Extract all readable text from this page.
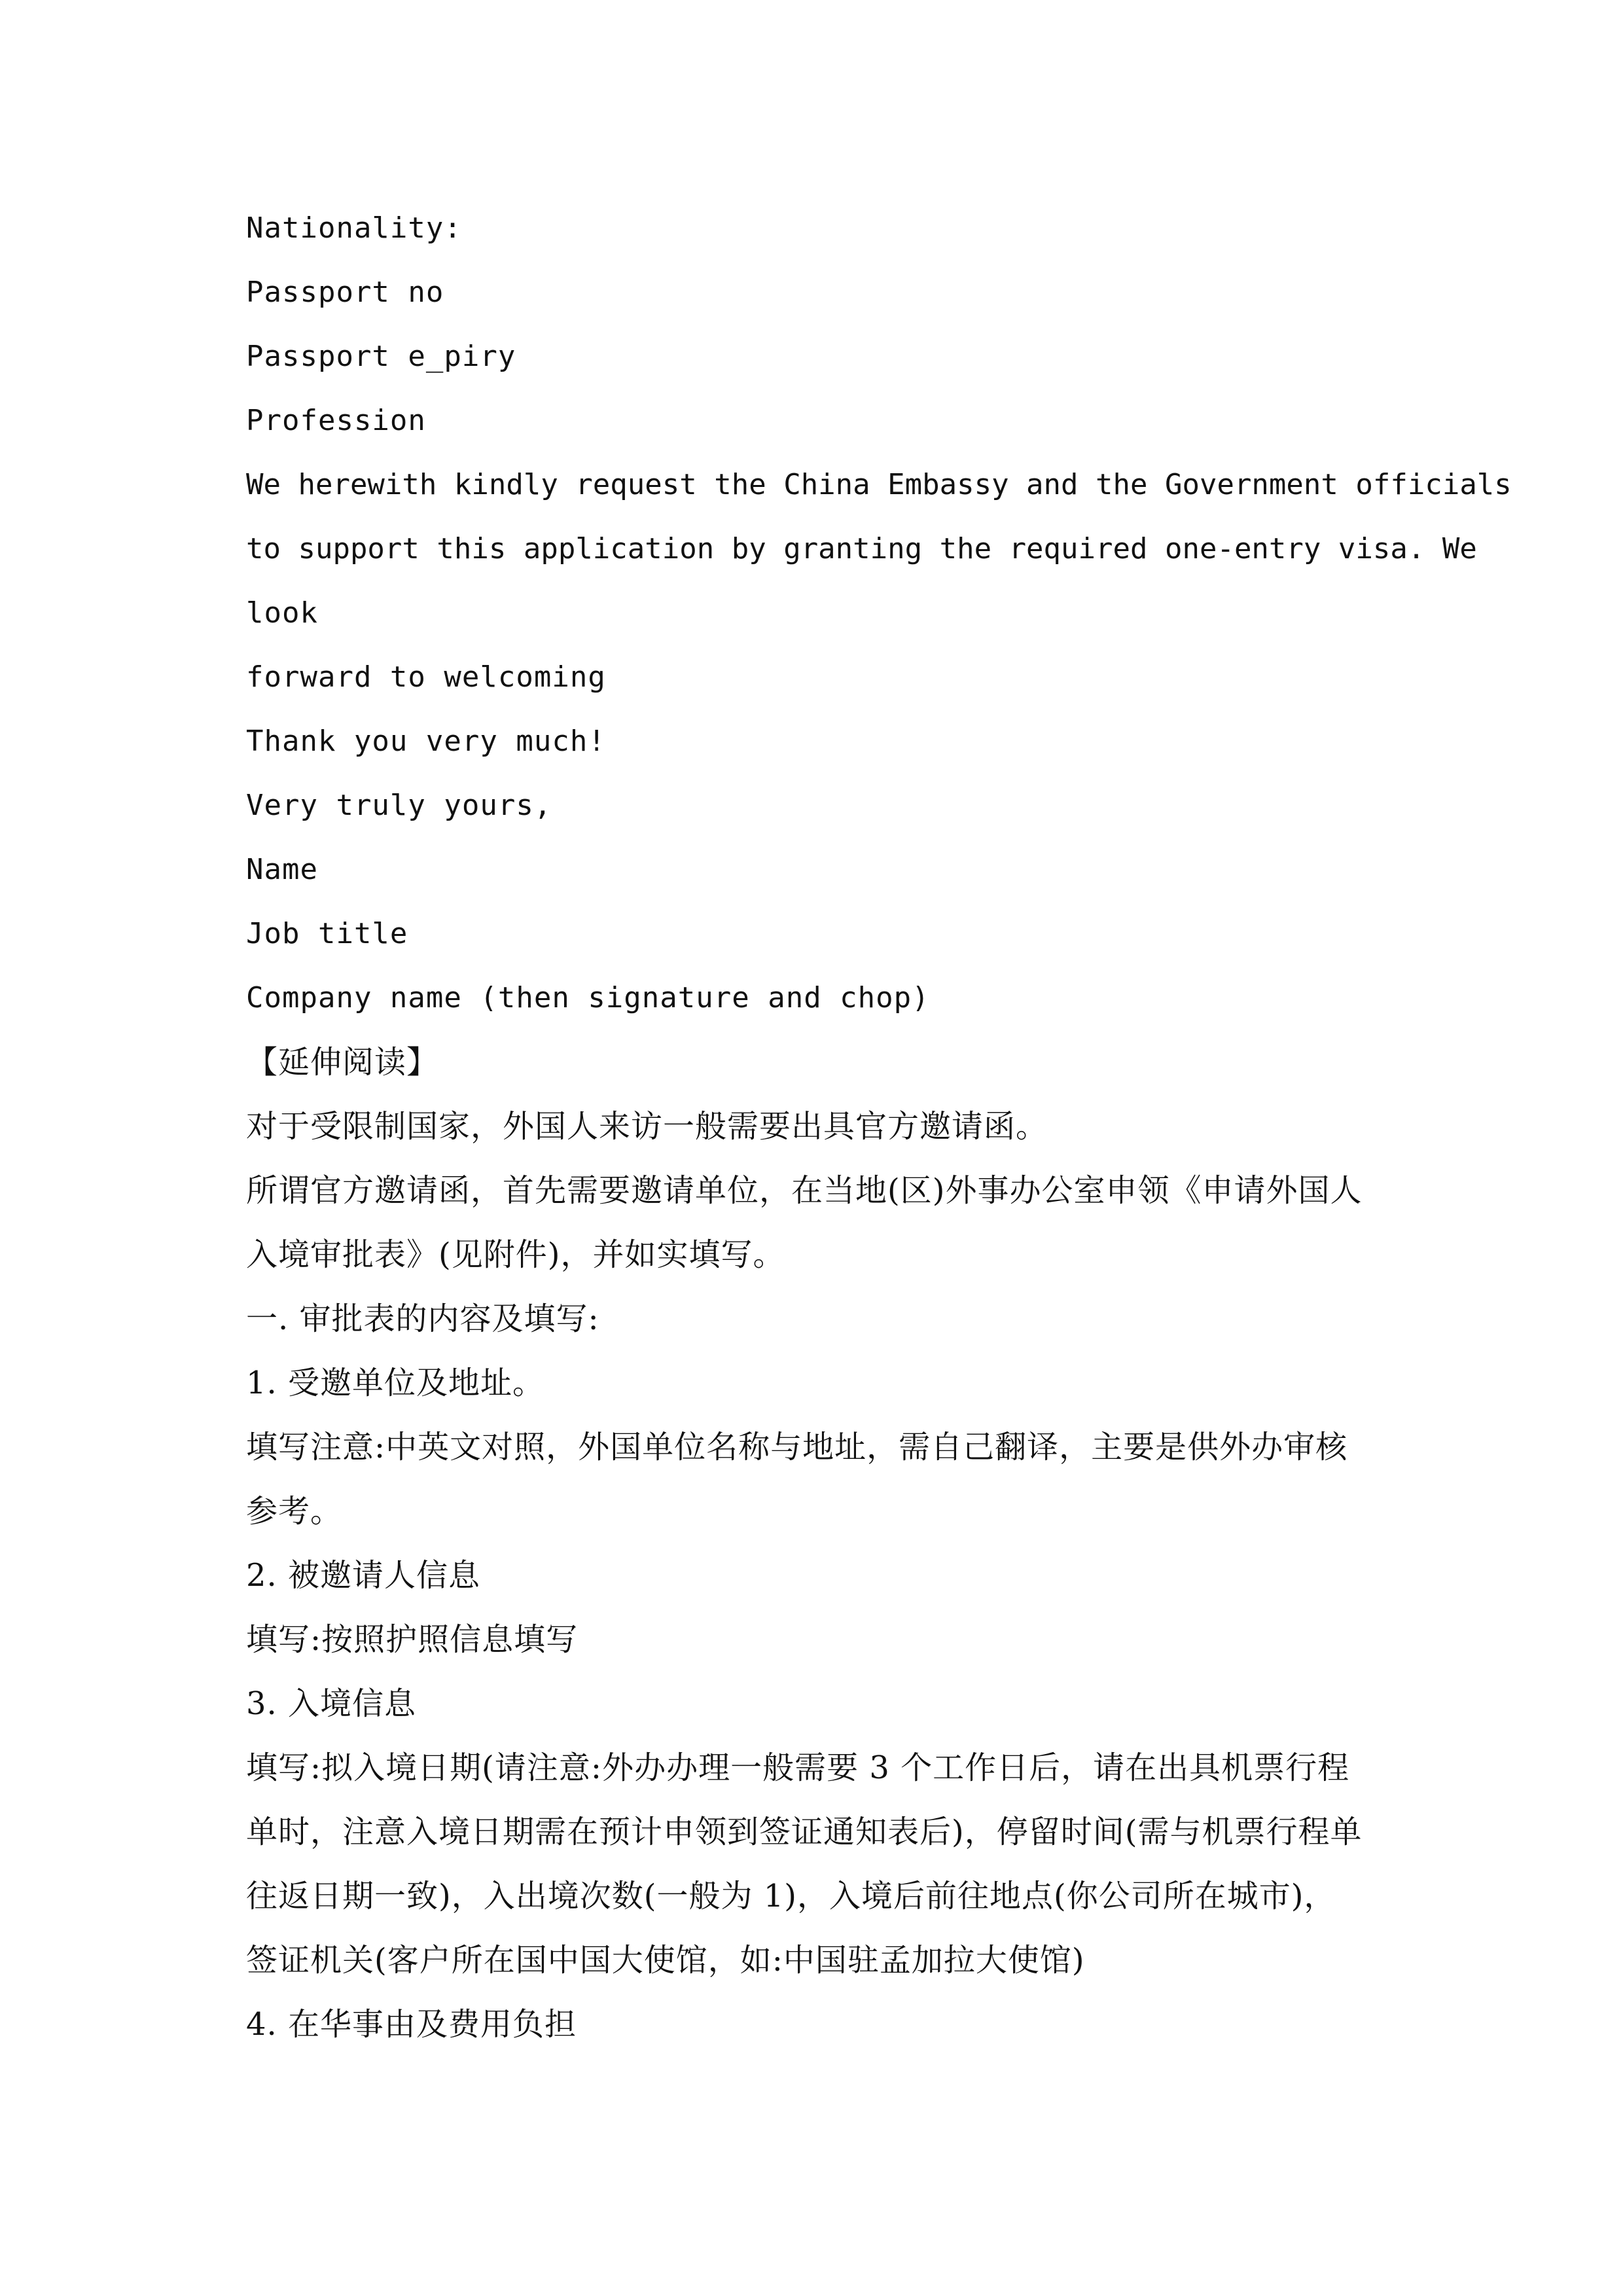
Nationality:

Passport no

Passport e_piry

Profession

We herewith kindly request the China Embassy and the Government officials

to support this application by granting the required one-entry visa. We

look

forward to welcoming

Thank you very much!

Very truly yours,

Name

Job title

Company name (then signature and chop)

【延伸阅读】

对于受限制国家，外国人来访一般需要出具官方邀请函。

所谓官方邀请函，首先需要邀请单位，在当地(区)外事办公室申领《申请外国人

入境审批表》(见附件)，并如实填写。

一. 审批表的内容及填写:

1. 受邀单位及地址。

填写注意:中英文对照，外国单位名称与地址，需自己翻译，主要是供外办审核

参考。

2. 被邀请人信息

填写:按照护照信息填写

3. 入境信息

填写:拟入境日期(请注意:外办办理一般需要 3 个工作日后，请在出具机票行程

单时，注意入境日期需在预计申领到签证通知表后)，停留时间(需与机票行程单

往返日期一致)，入出境次数(一般为 1)，入境后前往地点(你公司所在城市)，

签证机关(客户所在国中国大使馆，如:中国驻孟加拉大使馆)

4. 在华事由及费用负担
